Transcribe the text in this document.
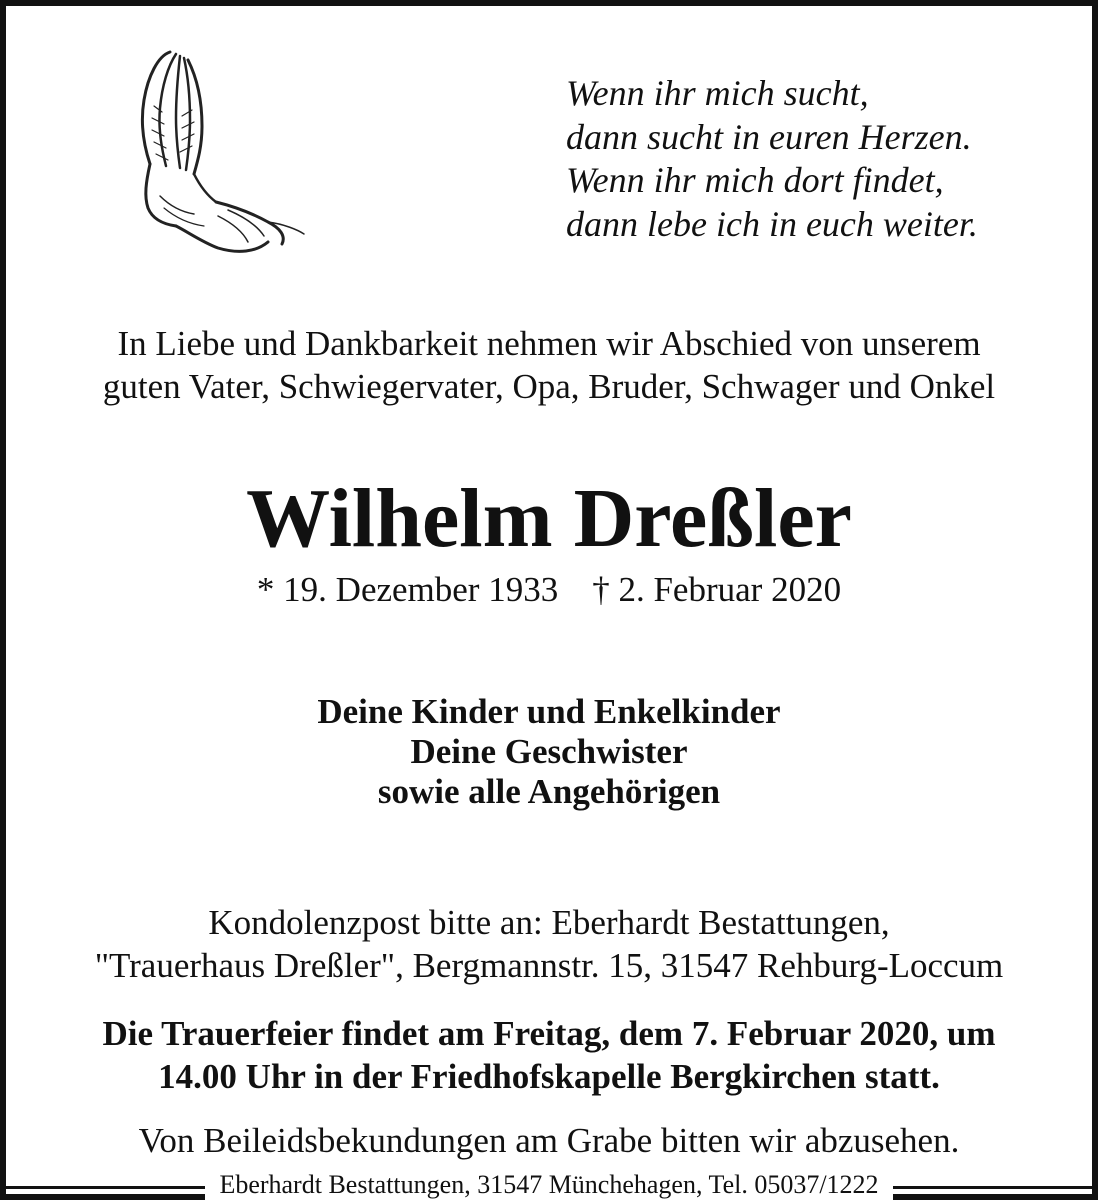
Wenn ihr mich sucht,
dann sucht in euren Herzen.
Wenn ihr mich dort findet,
dann lebe ich in euch weiter.
In Liebe und Dankbarkeit nehmen wir Abschied von unserem
guten Vater, Schwiegervater, Opa, Bruder, Schwager und Onkel
Wilhelm Dreßler
* 19. Dezember 1933 † 2. Februar 2020
Deine Kinder und Enkelkinder
Deine Geschwister
sowie alle Angehörigen
Kondolenzpost bitte an: Eberhardt Bestattungen,
"Trauerhaus Dreßler", Bergmannstr. 15, 31547 Rehburg-Loccum
Die Trauerfeier findet am Freitag, dem 7. Februar 2020, um
14.00 Uhr in der Friedhofskapelle Bergkirchen statt.
Von Beileidsbekundungen am Grabe bitten wir abzusehen.
Eberhardt Bestattungen, 31547 Münchehagen, Tel. 05037/1222
